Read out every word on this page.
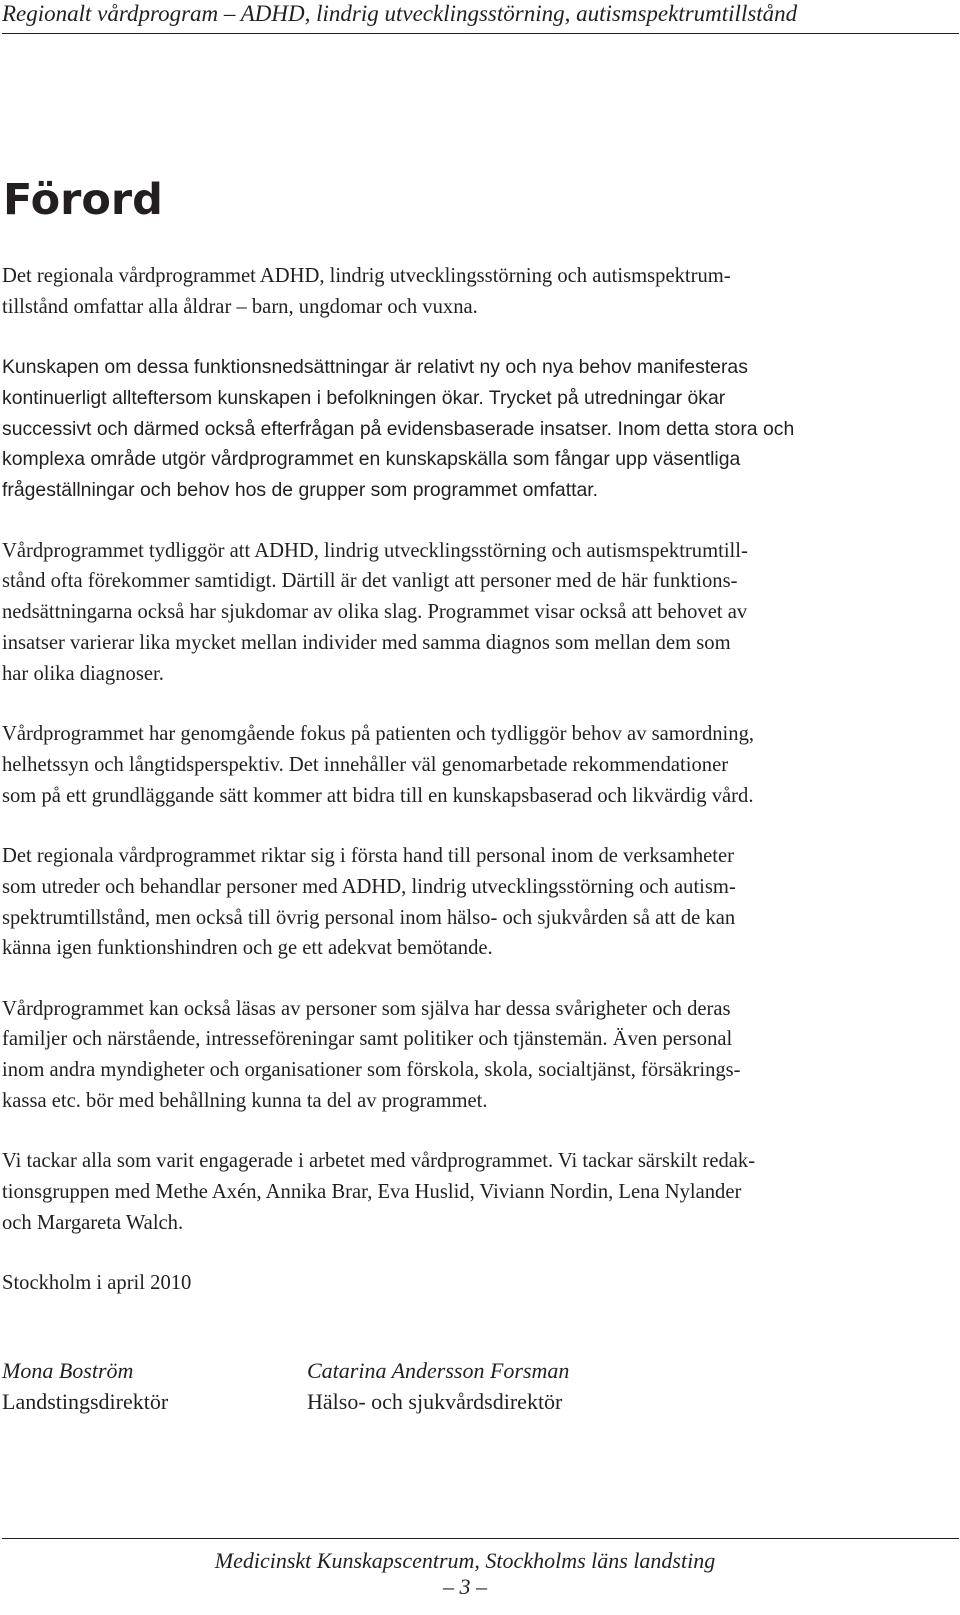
Regionalt vårdprogram – ADHD, lindrig utvecklingsstörning, autismspektrumtillstånd
Förord

Det regionala vårdprogrammet ADHD, lindrig utvecklingsstörning och autismspektrum-
tillstånd omfattar alla åldrar – barn, ungdomar och vuxna.

Kunskapen om dessa funktionsnedsättningar är relativt ny och nya behov manifesteras
kontinuerligt allteftersom kunskapen i befolkningen ökar. Trycket på utredningar ökar
successivt och därmed också efterfrågan på evidensbaserade insatser. Inom detta stora och
komplexa område utgör vårdprogrammet en kunskapskälla som fångar upp väsentliga
frågeställningar och behov hos de grupper som programmet omfattar.

Vårdprogrammet tydliggör att ADHD, lindrig utvecklingsstörning och autismspektrumtill-
stånd ofta förekommer samtidigt. Därtill är det vanligt att personer med de här funktions-
nedsättningarna också har sjukdomar av olika slag. Programmet visar också att behovet av
insatser varierar lika mycket mellan individer med samma diagnos som mellan dem som
har olika diagnoser.

Vårdprogrammet har genomgående fokus på patienten och tydliggör behov av samordning,
helhetssyn och långtidsperspektiv. Det innehåller väl genomarbetade rekommendationer
som på ett grundläggande sätt kommer att bidra till en kunskapsbaserad och likvärdig vård.

Det regionala vårdprogrammet riktar sig i första hand till personal inom de verksamheter
som utreder och behandlar personer med ADHD, lindrig utvecklingsstörning och autism-
spektrumtillstånd, men också till övrig personal inom hälso- och sjukvården så att de kan
känna igen funktionshindren och ge ett adekvat bemötande.

Vårdprogrammet kan också läsas av personer som själva har dessa svårigheter och deras
familjer och närstående, intresseföreningar samt politiker och tjänstemän. Även personal
inom andra myndigheter och organisationer som förskola, skola, socialtjänst, försäkrings-
kassa etc. bör med behållning kunna ta del av programmet.

Vi tackar alla som varit engagerade i arbetet med vårdprogrammet. Vi tackar särskilt redak-
tionsgruppen med Methe Axén, Annika Brar, Eva Huslid, Viviann Nordin, Lena Nylander
och Margareta Walch.

Stockholm i april 2010

Mona Boström
Landstingsdirektör
Catarina Andersson Forsman
Hälso- och sjukvårdsdirektör
Medicinskt Kunskapscentrum, Stockholms läns landsting
– 3 –
